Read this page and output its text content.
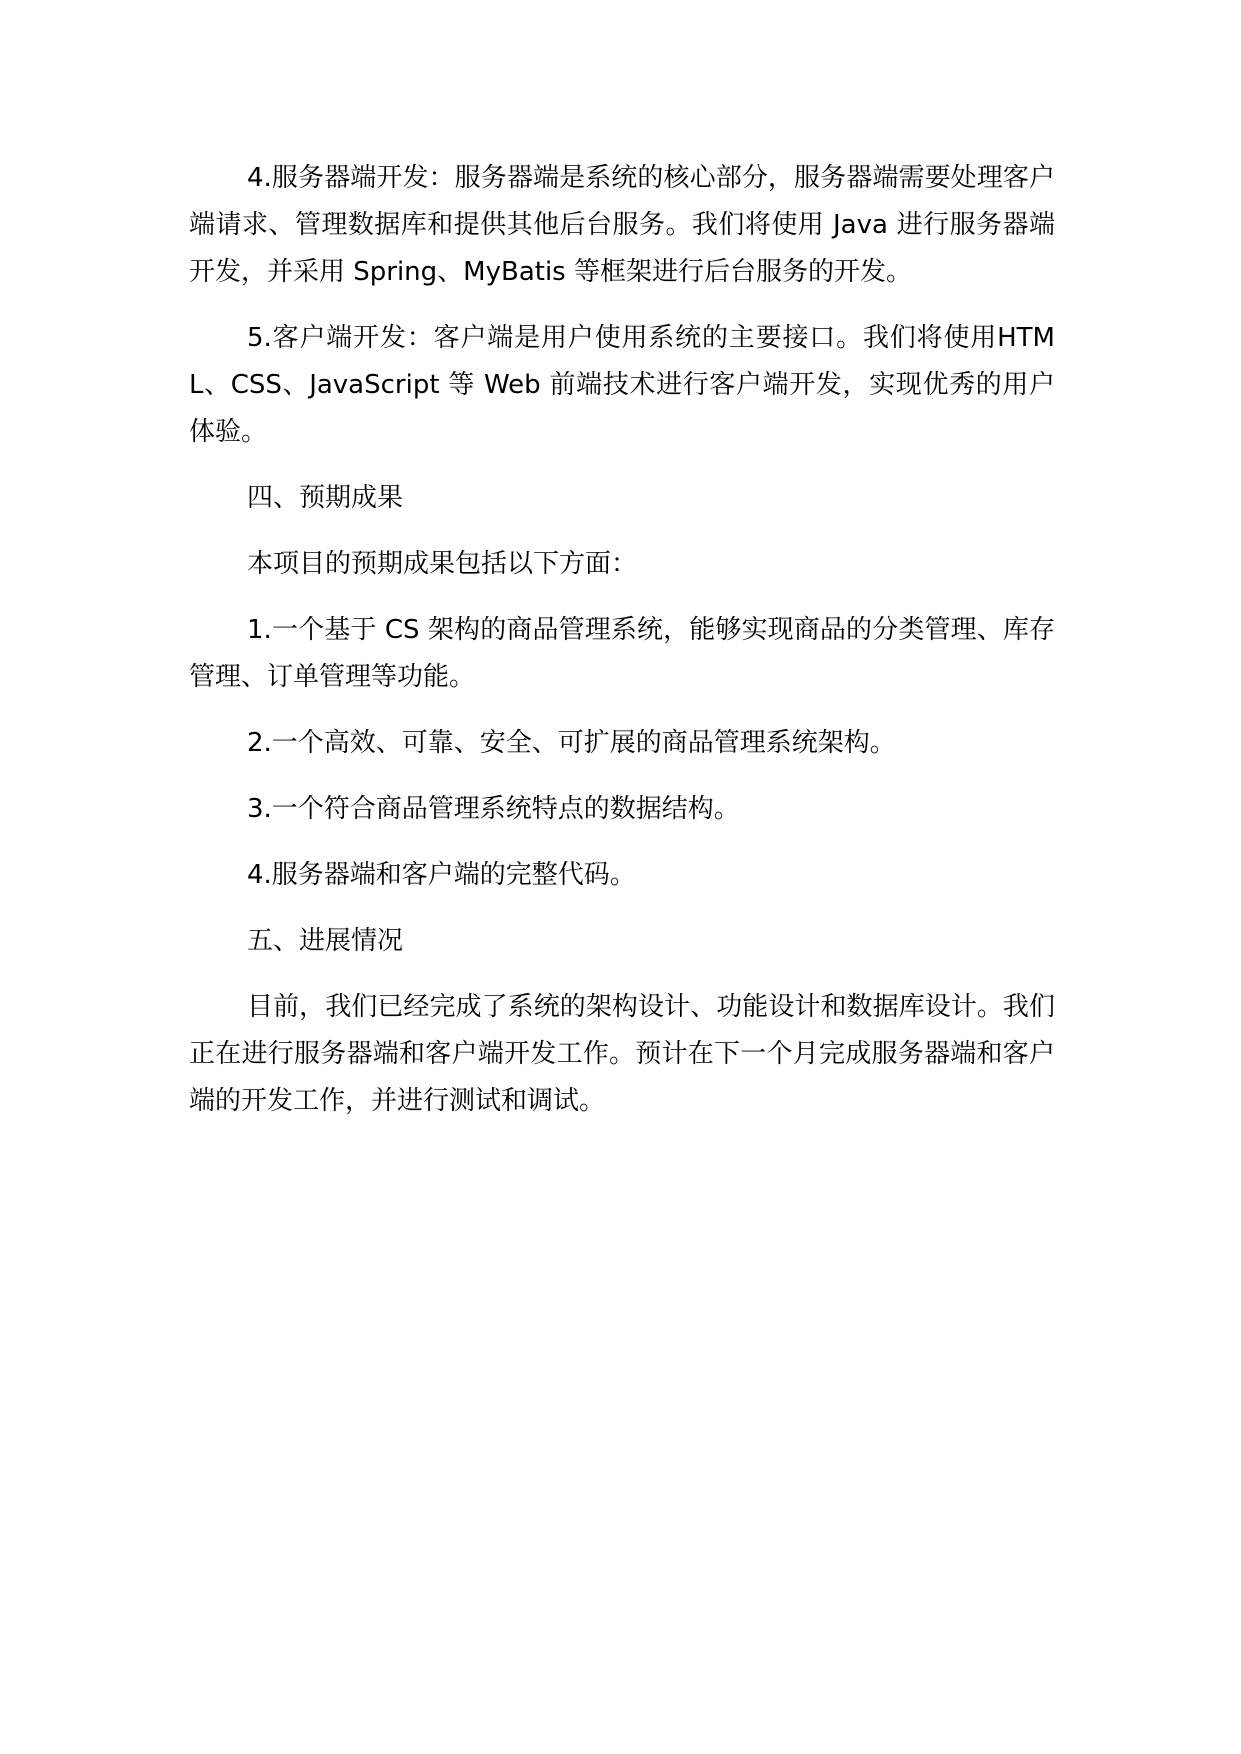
4.服务器端开发：服务器端是系统的核心部分，服务器端需要处理客户端请求、管理数据库和提供其他后台服务。我们将使用 Java 进行服务器端开发，并采用 Spring、MyBatis 等框架进行后台服务的开发。

5.客户端开发：客户端是用户使用系统的主要接口。我们将使用HTML、CSS、JavaScript 等 Web 前端技术进行客户端开发，实现优秀的用户体验。

四、预期成果

本项目的预期成果包括以下方面：

1.一个基于 CS 架构的商品管理系统，能够实现商品的分类管理、库存管理、订单管理等功能。

2.一个高效、可靠、安全、可扩展的商品管理系统架构。

3.一个符合商品管理系统特点的数据结构。

4.服务器端和客户端的完整代码。

五、进展情况

目前，我们已经完成了系统的架构设计、功能设计和数据库设计。我们正在进行服务器端和客户端开发工作。预计在下一个月完成服务器端和客户端的开发工作，并进行测试和调试。
